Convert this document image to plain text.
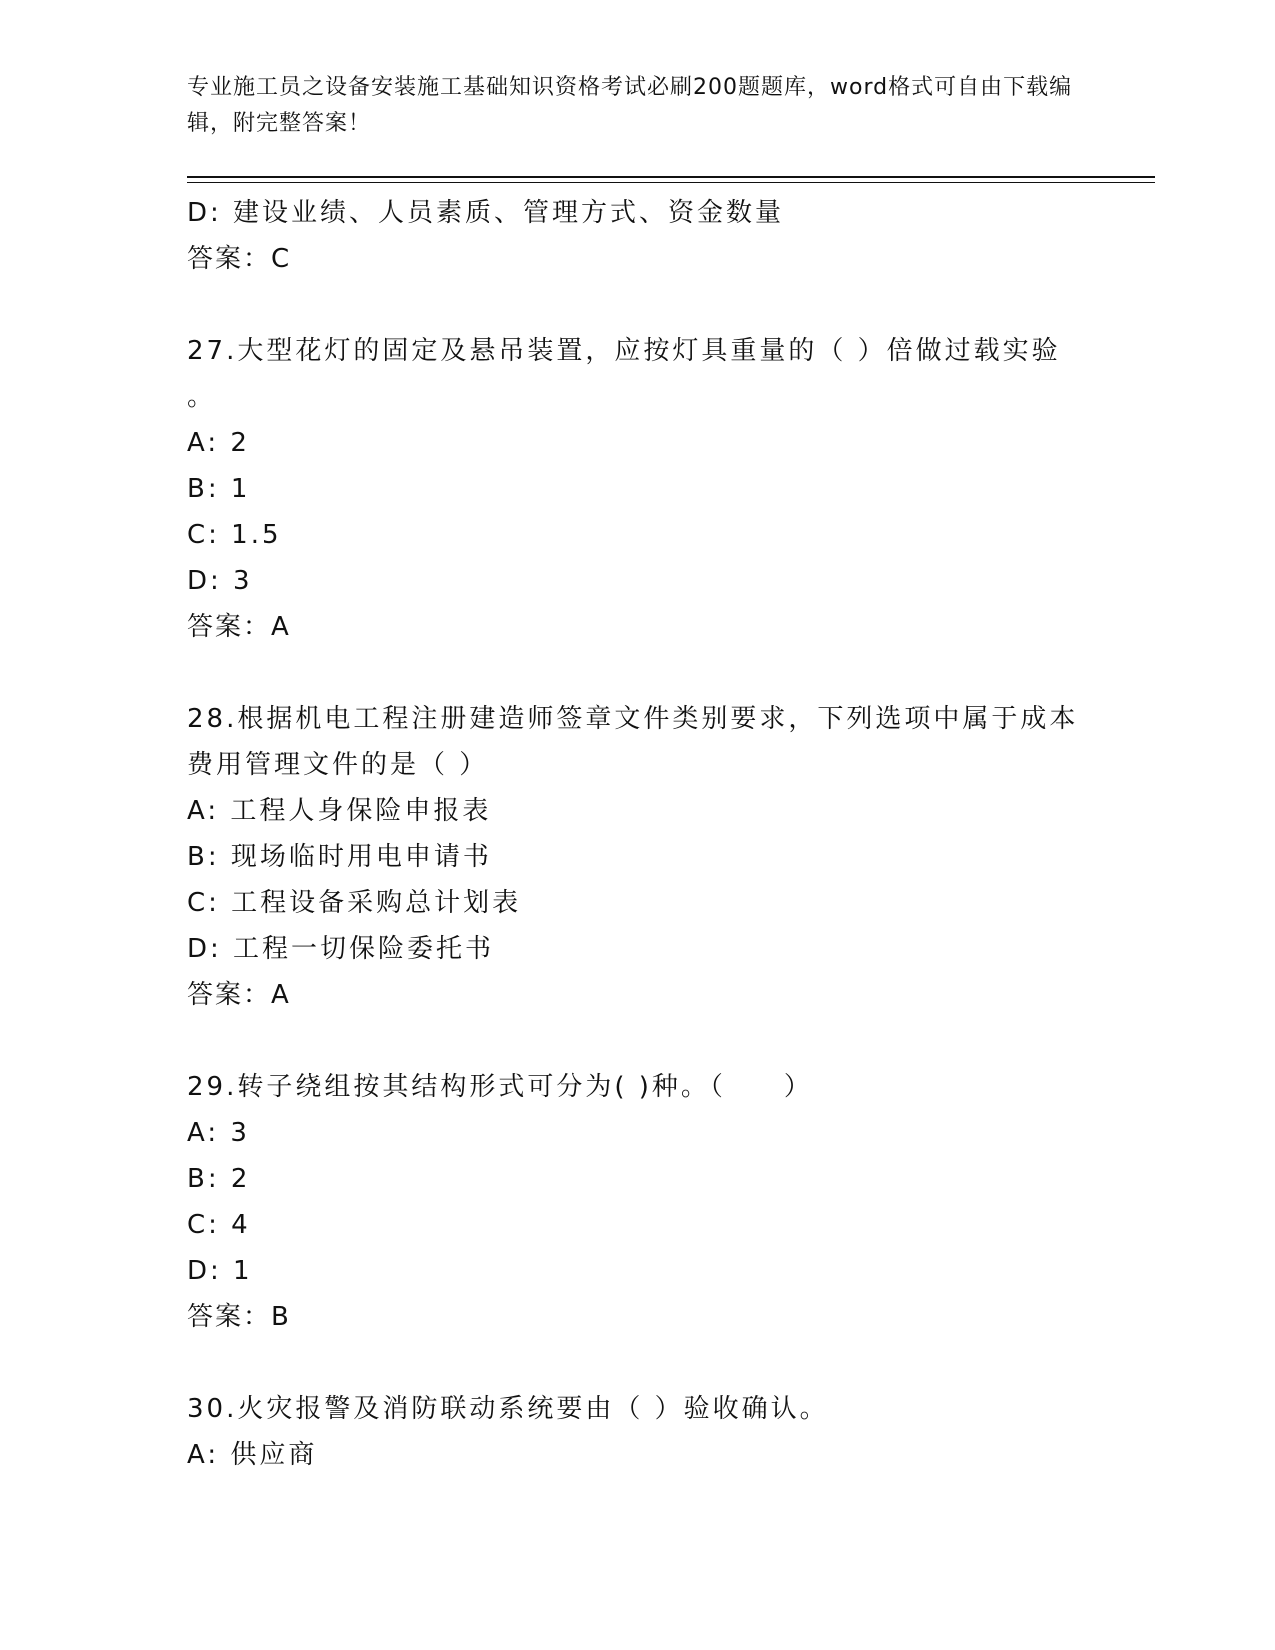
专业施工员之设备安装施工基础知识资格考试必刷200题题库，word格式可自由下载编辑，附完整答案！
D: 建设业绩、人员素质、管理方式、资金数量
答案：C
27.大型花灯的固定及悬吊装置，应按灯具重量的（ ）倍做过载实验
。
A: 2
B: 1
C: 1.5
D: 3
答案：A
28.根据机电工程注册建造师签章文件类别要求，下列选项中属于成本
费用管理文件的是（ ）
A: 工程人身保险申报表
B: 现场临时用电申请书
C: 工程设备采购总计划表
D: 工程一切保险委托书
答案：A
29.转子绕组按其结构形式可分为( )种。（　　）
A: 3
B: 2
C: 4
D: 1
答案：B
30.火灾报警及消防联动系统要由（ ）验收确认。
A: 供应商
